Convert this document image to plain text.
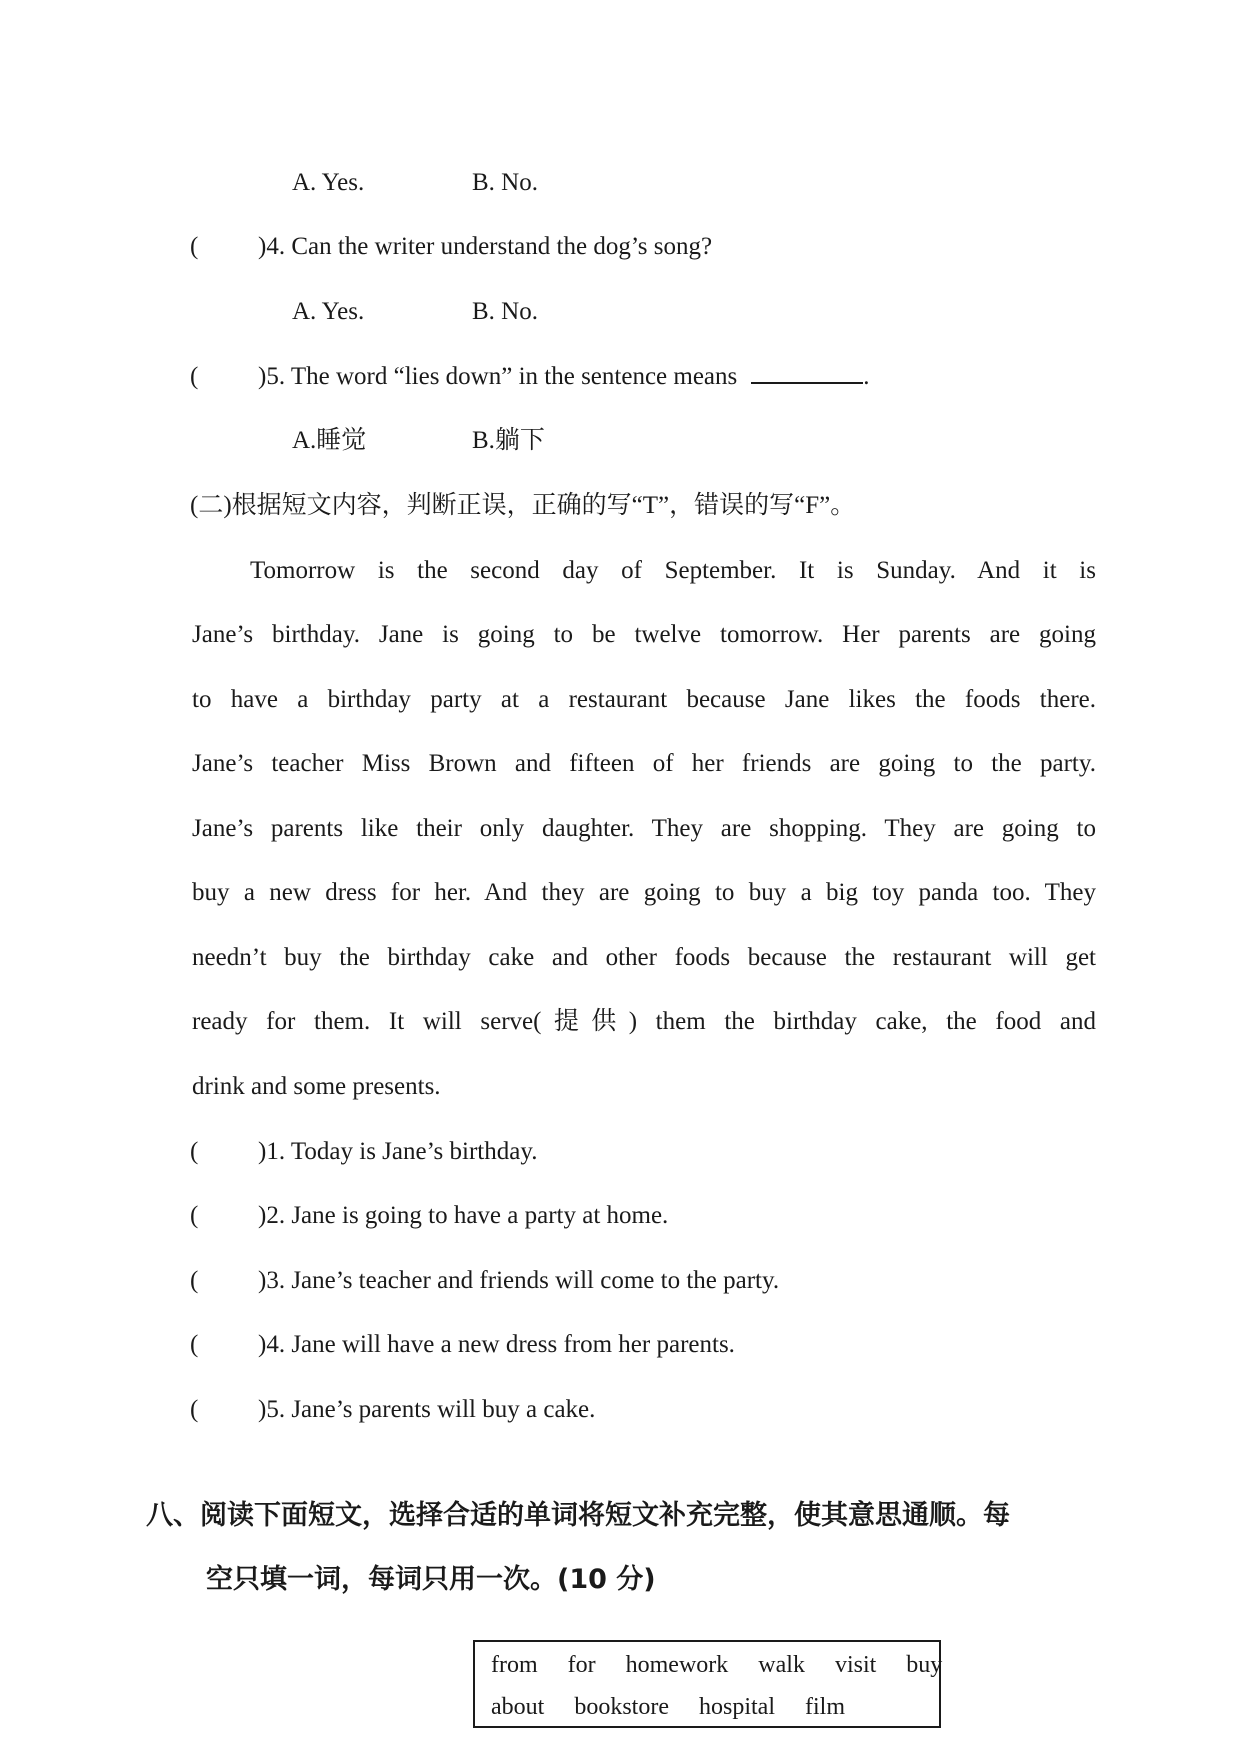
A. Yes.	B. No.
( )4. Can the writer understand the dog’s song?
A. Yes.	B. No.
( )5. The word “lies down” in the sentence means	.
A.睡觉	B.躺下
(二)根据短文内容，判断正误，正确的写“T”，错误的写“F”。
Tomorrow is the second day of September. It is Sunday. And it is
Jane’s birthday. Jane is going to be twelve tomorrow. Her parents are going
to have a birthday party at a restaurant because Jane likes the foods there.
Jane’s teacher Miss Brown and fifteen of her friends are going to the party.
Jane’s parents like their only daughter. They are shopping. They are going to
buy a new dress for her. And they are going to buy a big toy panda too. They
needn’t buy the birthday cake and other foods because the restaurant will get
ready for them. It will serve(提供) them the birthday cake, the food and
drink and some presents.
( )1. Today is Jane’s birthday.
( )2. Jane is going to have a party at home.
( )3. Jane’s teacher and friends will come to the party.
( )4. Jane will have a new dress from her parents.
( )5. Jane’s parents will buy a cake.
八、阅读下面短文，选择合适的单词将短文补充完整，使其意思通顺。每
空只填一词，每词只用一次。(10 分)
from for homework walk visit buy
about bookstore hospital film
